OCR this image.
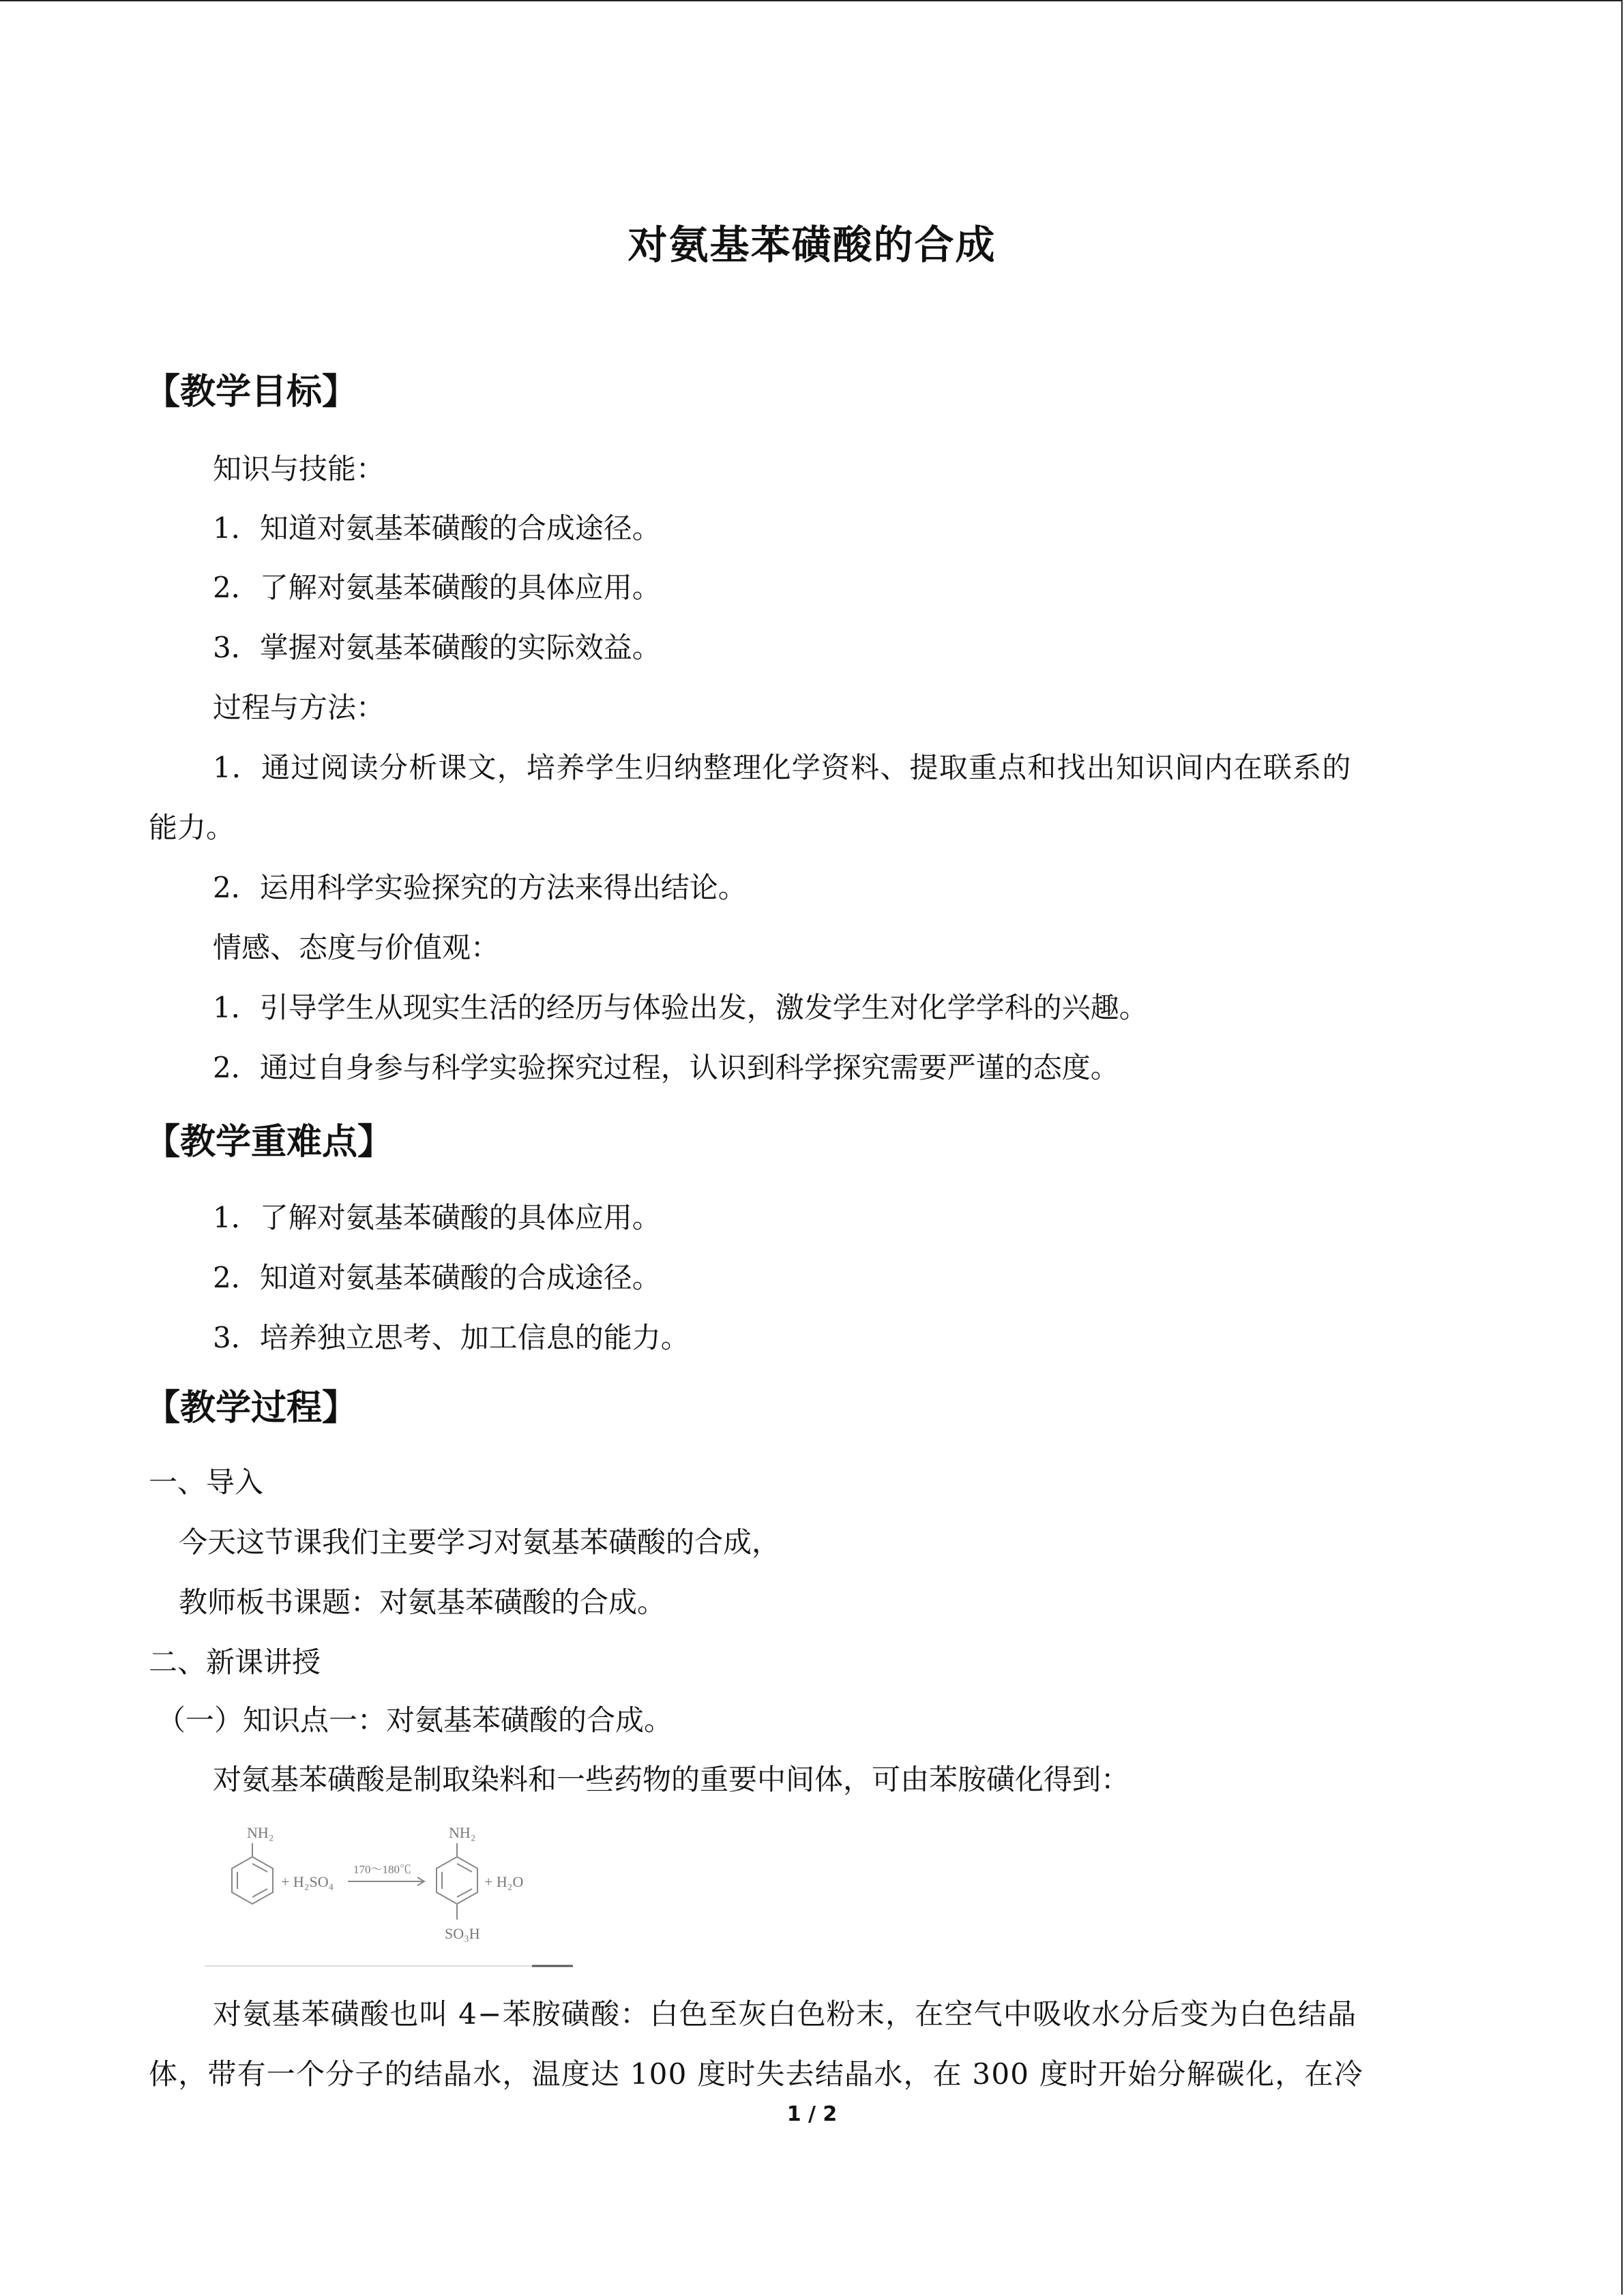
对氨基苯磺酸的合成
【教学目标】
知识与技能：
1．知道对氨基苯磺酸的合成途径。
2．了解对氨基苯磺酸的具体应用。
3．掌握对氨基苯磺酸的实际效益。
过程与方法：
1．通过阅读分析课文，培养学生归纳整理化学资料、提取重点和找出知识间内在联系的
能力。
2．运用科学实验探究的方法来得出结论。
情感、态度与价值观：
1．引导学生从现实生活的经历与体验出发，激发学生对化学学科的兴趣。
2．通过自身参与科学实验探究过程，认识到科学探究需要严谨的态度。
【教学重难点】
1．了解对氨基苯磺酸的具体应用。
2．知道对氨基苯磺酸的合成途径。
3．培养独立思考、加工信息的能力。
【教学过程】
一、导入
今天这节课我们主要学习对氨基苯磺酸的合成，
教师板书课题：对氨基苯磺酸的合成。
二、新课讲授
（一）知识点一：对氨基苯磺酸的合成。
对氨基苯磺酸是制取染料和一些药物的重要中间体，可由苯胺磺化得到：
NH₂
+ H₂SO₄
170～180℃
NH₂
+ H₂O
SO₃H
对氨基苯磺酸也叫 4−苯胺磺酸：白色至灰白色粉末，在空气中吸收水分后变为白色结晶
体，带有一个分子的结晶水，温度达 100 度时失去结晶水，在 300 度时开始分解碳化，在冷
1 / 2
